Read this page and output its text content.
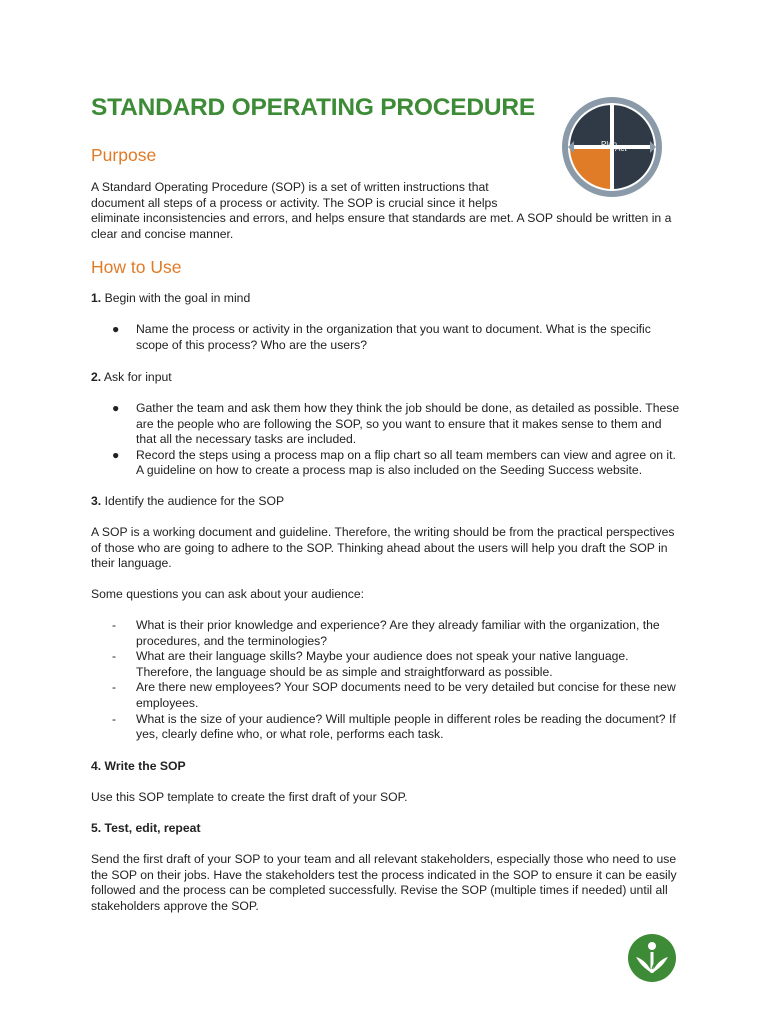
STANDARD OPERATING PROCEDURE
Plan
Act
Purpose

A Standard Operating Procedure (SOP) is a set of written instructions that
document all steps of a process or activity. The SOP is crucial since it helps
eliminate inconsistencies and errors, and helps ensure that standards are met. A SOP should be written in a clear and concise manner.

How to Use

1. Begin with the goal in mind

● Name the process or activity in the organization that you want to document. What is the specific scope of this process? Who are the users?

2. Ask for input

● Gather the team and ask them how they think the job should be done, as detailed as possible. These are the people who are following the SOP, so you want to ensure that it makes sense to them and that all the necessary tasks are included.
● Record the steps using a process map on a flip chart so all team members can view and agree on it. A guideline on how to create a process map is also included on the Seeding Success website.

3. Identify the audience for the SOP

A SOP is a working document and guideline. Therefore, the writing should be from the practical perspectives of those who are going to adhere to the SOP. Thinking ahead about the users will help you draft the SOP in their language.

Some questions you can ask about your audience:

- What is their prior knowledge and experience? Are they already familiar with the organization, the procedures, and the terminologies?
- What are their language skills? Maybe your audience does not speak your native language. Therefore, the language should be as simple and straightforward as possible.
- Are there new employees? Your SOP documents need to be very detailed but concise for these new employees.
- What is the size of your audience? Will multiple people in different roles be reading the document? If yes, clearly define who, or what role, performs each task.

4. Write the SOP

Use this SOP template to create the first draft of your SOP.

5. Test, edit, repeat

Send the first draft of your SOP to your team and all relevant stakeholders, especially those who need to use the SOP on their jobs. Have the stakeholders test the process indicated in the SOP to ensure it can be easily followed and the process can be completed successfully. Revise the SOP (multiple times if needed) until all stakeholders approve the SOP.
